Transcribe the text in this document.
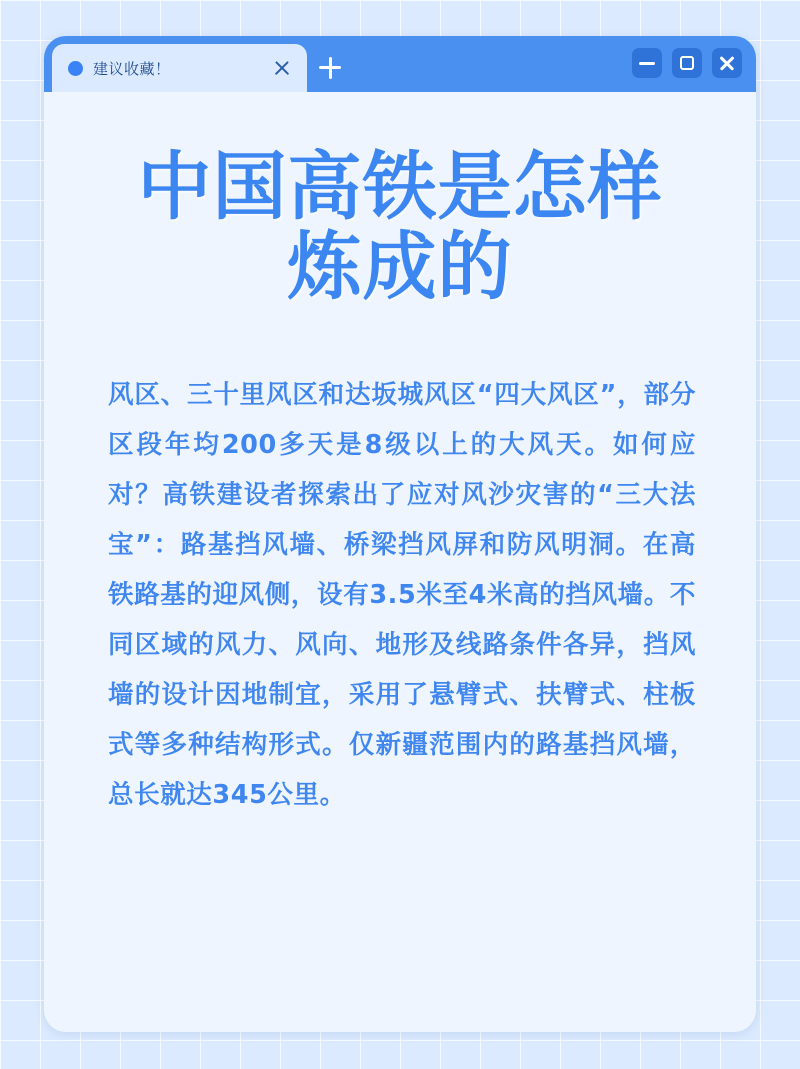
建议收藏！
中国高铁是怎样
炼成的

风区、三十里风区和达坂城风区“四大风区”，部分区段年均200多天是8级以上的大风天。如何应对？高铁建设者探索出了应对风沙灾害的“三大法宝”：路基挡风墙、桥梁挡风屏和防风明洞。在高铁路基的迎风侧，设有3.5米至4米高的挡风墙。不同区域的风力、风向、地形及线路条件各异，挡风墙的设计因地制宜，采用了悬臂式、扶臂式、柱板式等多种结构形式。仅新疆范围内的路基挡风墙，总长就达345公里。
